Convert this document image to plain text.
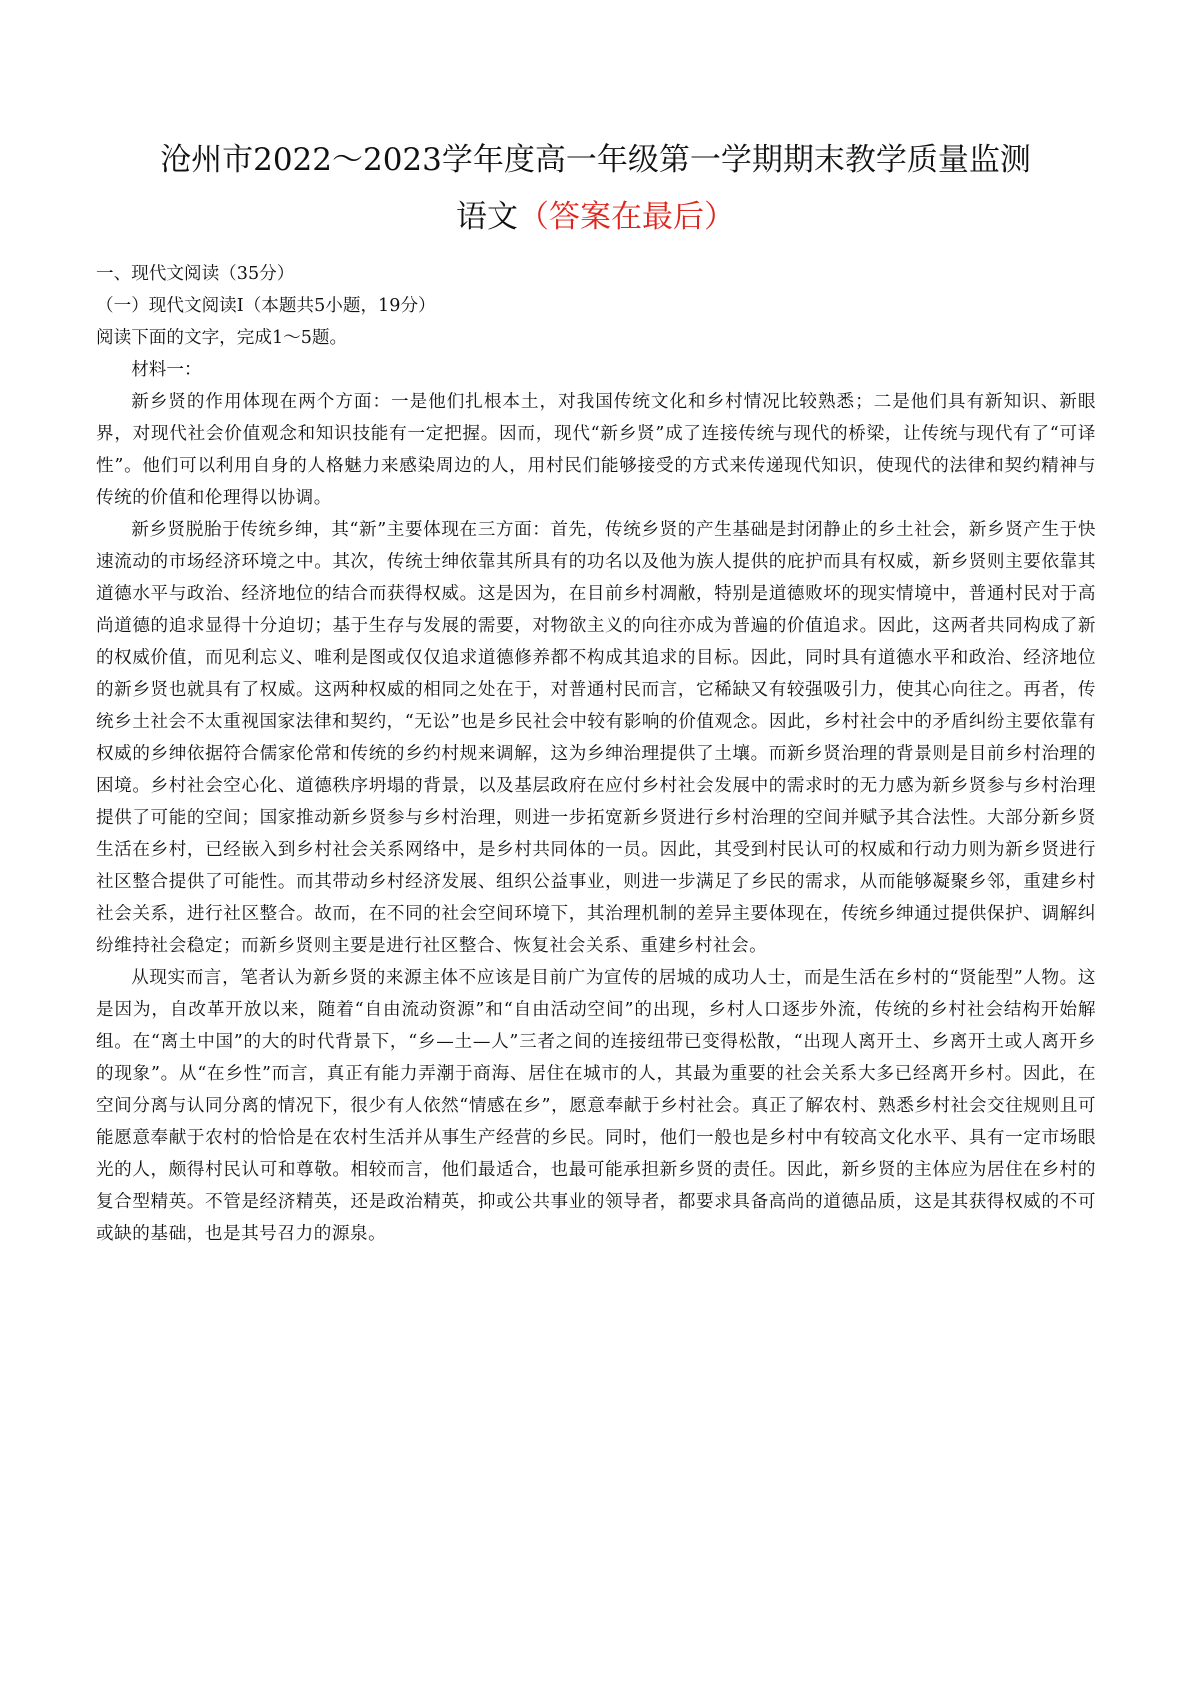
沧州市2022～2023学年度高一年级第一学期期末教学质量监测
语文（答案在最后）

一、现代文阅读（35分）

（一）现代文阅读Ⅰ（本题共5小题，19分）

阅读下面的文字，完成1～5题。

材料一：

新乡贤的作用体现在两个方面：一是他们扎根本土，对我国传统文化和乡村情况比较熟悉；二是他们具有新知识、新眼界，对现代社会价值观念和知识技能有一定把握。因而，现代“新乡贤”成了连接传统与现代的桥梁，让传统与现代有了“可译性”。他们可以利用自身的人格魅力来感染周边的人，用村民们能够接受的方式来传递现代知识，使现代的法律和契约精神与传统的价值和伦理得以协调。

新乡贤脱胎于传统乡绅，其“新”主要体现在三方面：首先，传统乡贤的产生基础是封闭静止的乡土社会，新乡贤产生于快速流动的市场经济环境之中。其次，传统士绅依靠其所具有的功名以及他为族人提供的庇护而具有权威，新乡贤则主要依靠其道德水平与政治、经济地位的结合而获得权威。这是因为，在目前乡村凋敝，特别是道德败坏的现实情境中，普通村民对于高尚道德的追求显得十分迫切；基于生存与发展的需要，对物欲主义的向往亦成为普遍的价值追求。因此，这两者共同构成了新的权威价值，而见利忘义、唯利是图或仅仅追求道德修养都不构成其追求的目标。因此，同时具有道德水平和政治、经济地位的新乡贤也就具有了权威。这两种权威的相同之处在于，对普通村民而言，它稀缺又有较强吸引力，使其心向往之。再者，传统乡土社会不太重视国家法律和契约，“无讼”也是乡民社会中较有影响的价值观念。因此，乡村社会中的矛盾纠纷主要依靠有权威的乡绅依据符合儒家伦常和传统的乡约村规来调解，这为乡绅治理提供了土壤。而新乡贤治理的背景则是目前乡村治理的困境。乡村社会空心化、道德秩序坍塌的背景，以及基层政府在应付乡村社会发展中的需求时的无力感为新乡贤参与乡村治理提供了可能的空间；国家推动新乡贤参与乡村治理，则进一步拓宽新乡贤进行乡村治理的空间并赋予其合法性。大部分新乡贤生活在乡村，已经嵌入到乡村社会关系网络中，是乡村共同体的一员。因此，其受到村民认可的权威和行动力则为新乡贤进行社区整合提供了可能性。而其带动乡村经济发展、组织公益事业，则进一步满足了乡民的需求，从而能够凝聚乡邻，重建乡村社会关系，进行社区整合。故而，在不同的社会空间环境下，其治理机制的差异主要体现在，传统乡绅通过提供保护、调解纠纷维持社会稳定；而新乡贤则主要是进行社区整合、恢复社会关系、重建乡村社会。

从现实而言，笔者认为新乡贤的来源主体不应该是目前广为宣传的居城的成功人士，而是生活在乡村的“贤能型”人物。这是因为，自改革开放以来，随着“自由流动资源”和“自由活动空间”的出现，乡村人口逐步外流，传统的乡村社会结构开始解组。在“离土中国”的大的时代背景下，“乡—土—人”三者之间的连接纽带已变得松散，“出现人离开土、乡离开土或人离开乡的现象”。从“在乡性”而言，真正有能力弄潮于商海、居住在城市的人，其最为重要的社会关系大多已经离开乡村。因此，在空间分离与认同分离的情况下，很少有人依然“情感在乡”，愿意奉献于乡村社会。真正了解农村、熟悉乡村社会交往规则且可能愿意奉献于农村的恰恰是在农村生活并从事生产经营的乡民。同时，他们一般也是乡村中有较高文化水平、具有一定市场眼光的人，颇得村民认可和尊敬。相较而言，他们最适合，也最可能承担新乡贤的责任。因此，新乡贤的主体应为居住在乡村的复合型精英。不管是经济精英，还是政治精英，抑或公共事业的领导者，都要求具备高尚的道德品质，这是其获得权威的不可或缺的基础，也是其号召力的源泉。
